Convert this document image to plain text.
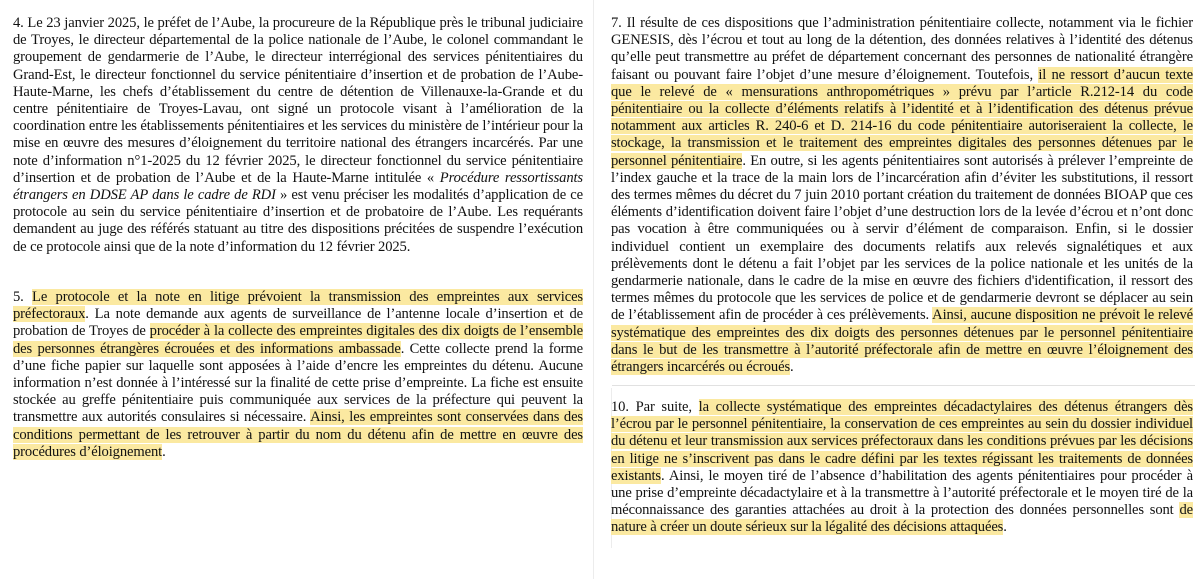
4. Le 23 janvier 2025, le préfet de l’Aube, la procureure de la République près le tribunal judiciaire de Troyes, le directeur départemental de la police nationale de l’Aube, le colonel commandant le groupement de gendarmerie de l’Aube, le directeur interrégional des services pénitentiaires du Grand-Est, le directeur fonctionnel du service pénitentiaire d’insertion et de probation de l’Aube-Haute-Marne, les chefs d’établissement du centre de détention de Villenauxe-la-Grande et du centre pénitentiaire de Troyes-Lavau, ont signé un protocole visant à l’amélioration de la coordination entre les établissements pénitentiaires et les services du ministère de l’intérieur pour la mise en œuvre des mesures d’éloignement du territoire national des étrangers incarcérés. Par une note d’information n°1-2025 du 12 février 2025, le directeur fonctionnel du service pénitentiaire d’insertion et de probation de l’Aube et de la Haute-Marne intitulée « Procédure ressortissants étrangers en DDSE AP dans le cadre de RDI » est venu préciser les modalités d’application de ce protocole au sein du service pénitentiaire d’insertion et de probatoire de l’Aube. Les requérants demandent au juge des référés statuant au titre des dispositions précitées de suspendre l’exécution de ce protocole ainsi que de la note d’information du 12 février 2025.
5. Le protocole et la note en litige prévoient la transmission des empreintes aux services préfectoraux. La note demande aux agents de surveillance de l’antenne locale d’insertion et de probation de Troyes de procéder à la collecte des empreintes digitales des dix doigts de l’ensemble des personnes étrangères écrouées et des informations ambassade. Cette collecte prend la forme d’une fiche papier sur laquelle sont apposées à l’aide d’encre les empreintes du détenu. Aucune information n’est donnée à l’intéressé sur la finalité de cette prise d’empreinte. La fiche est ensuite stockée au greffe pénitentiaire puis communiquée aux services de la préfecture qui peuvent la transmettre aux autorités consulaires si nécessaire. Ainsi, les empreintes sont conservées dans des conditions permettant de les retrouver à partir du nom du détenu afin de mettre en œuvre des procédures d’éloignement.
7. Il résulte de ces dispositions que l’administration pénitentiaire collecte, notamment via le fichier GENESIS, dès l’écrou et tout au long de la détention, des données relatives à l’identité des détenus qu’elle peut transmettre au préfet de département concernant des personnes de nationalité étrangère faisant ou pouvant faire l’objet d’une mesure d’éloignement. Toutefois, il ne ressort d’aucun texte que le relevé de « mensurations anthropométriques » prévu par l’article R.212-14 du code pénitentiaire ou la collecte d’éléments relatifs à l’identité et à l’identification des détenus prévue notamment aux articles R. 240-6 et D. 214-16 du code pénitentiaire autoriseraient la collecte, le stockage, la transmission et le traitement des empreintes digitales des personnes détenues par le personnel pénitentiaire. En outre, si les agents pénitentiaires sont autorisés à prélever l’empreinte de l’index gauche et la trace de la main lors de l’incarcération afin d’éviter les substitutions, il ressort des termes mêmes du décret du 7 juin 2010 portant création du traitement de données BIOAP que ces éléments d’identification doivent faire l’objet d’une destruction lors de la levée d’écrou et n’ont donc pas vocation à être communiquées ou à servir d’élément de comparaison. Enfin, si le dossier individuel contient un exemplaire des documents relatifs aux relevés signalétiques et aux prélèvements dont le détenu a fait l’objet par les services de la police nationale et les unités de la gendarmerie nationale, dans le cadre de la mise en œuvre des fichiers d'identification, il ressort des termes mêmes du protocole que les services de police et de gendarmerie devront se déplacer au sein de l’établissement afin de procéder à ces prélèvements. Ainsi, aucune disposition ne prévoit le relevé systématique des empreintes des dix doigts des personnes détenues par le personnel pénitentiaire dans le but de les transmettre à l’autorité préfectorale afin de mettre en œuvre l’éloignement des étrangers incarcérés ou écroués.
10. Par suite, la collecte systématique des empreintes décadactylaires des détenus étrangers dès l’écrou par le personnel pénitentiaire, la conservation de ces empreintes au sein du dossier individuel du détenu et leur transmission aux services préfectoraux dans les conditions prévues par les décisions en litige ne s’inscrivent pas dans le cadre défini par les textes régissant les traitements de données existants. Ainsi, le moyen tiré de l’absence d’habilitation des agents pénitentiaires pour procéder à une prise d’empreinte décadactylaire et à la transmettre à l’autorité préfectorale et le moyen tiré de la méconnaissance des garanties attachées au droit à la protection des données personnelles sont de nature à créer un doute sérieux sur la légalité des décisions attaquées.
